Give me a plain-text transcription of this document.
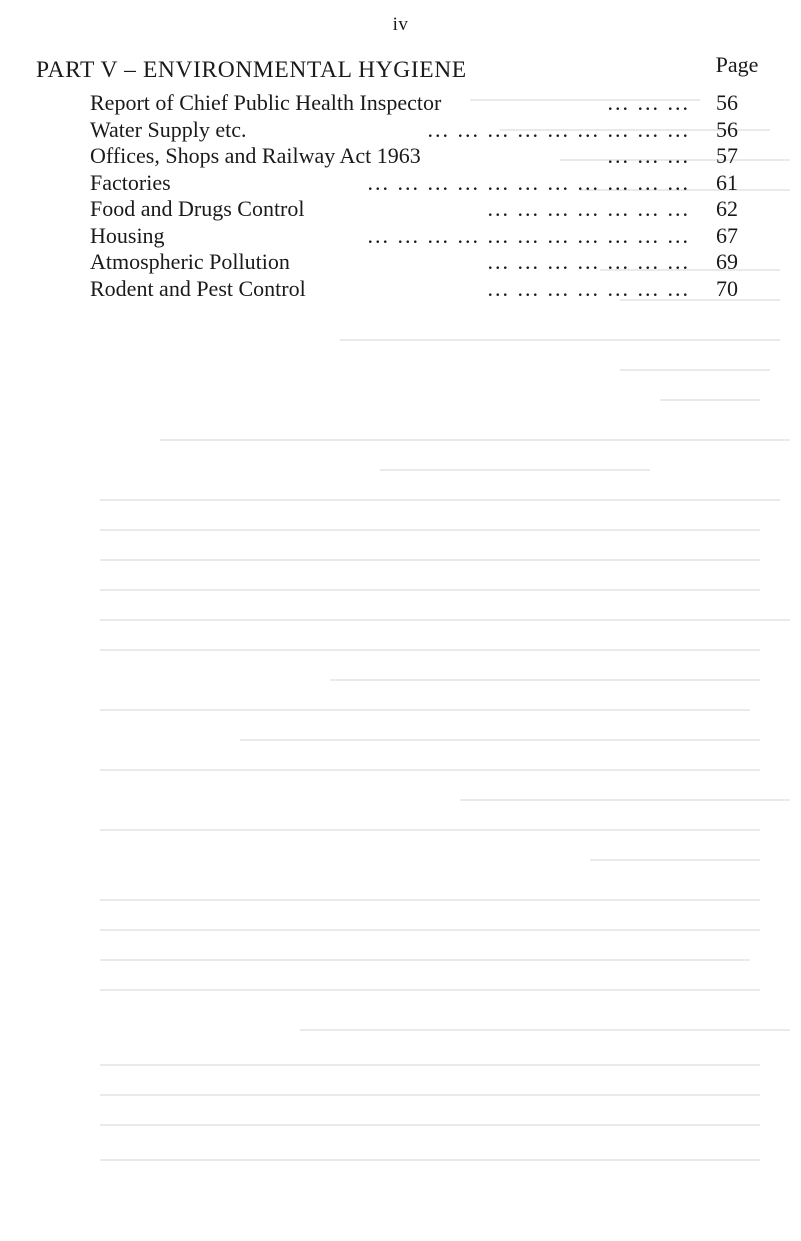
iv
PART V – ENVIRONMENTAL HYGIENE	Page
Report of Chief Public Health Inspector	... ... ...	56
Water Supply etc.	... ... ... ... ... ... ... ... ...	56
Offices, Shops and Railway Act 1963	... ... ...	57
Factories	... ... ... ... ... ... ... ... ... ... ...	61
Food and Drugs Control	... ... ... ... ... ... ...	62
Housing	... ... ... ... ... ... ... ... ... ... ...	67
Atmospheric Pollution	... ... ... ... ... ... ...	69
Rodent and Pest Control	... ... ... ... ... ... ...	70
